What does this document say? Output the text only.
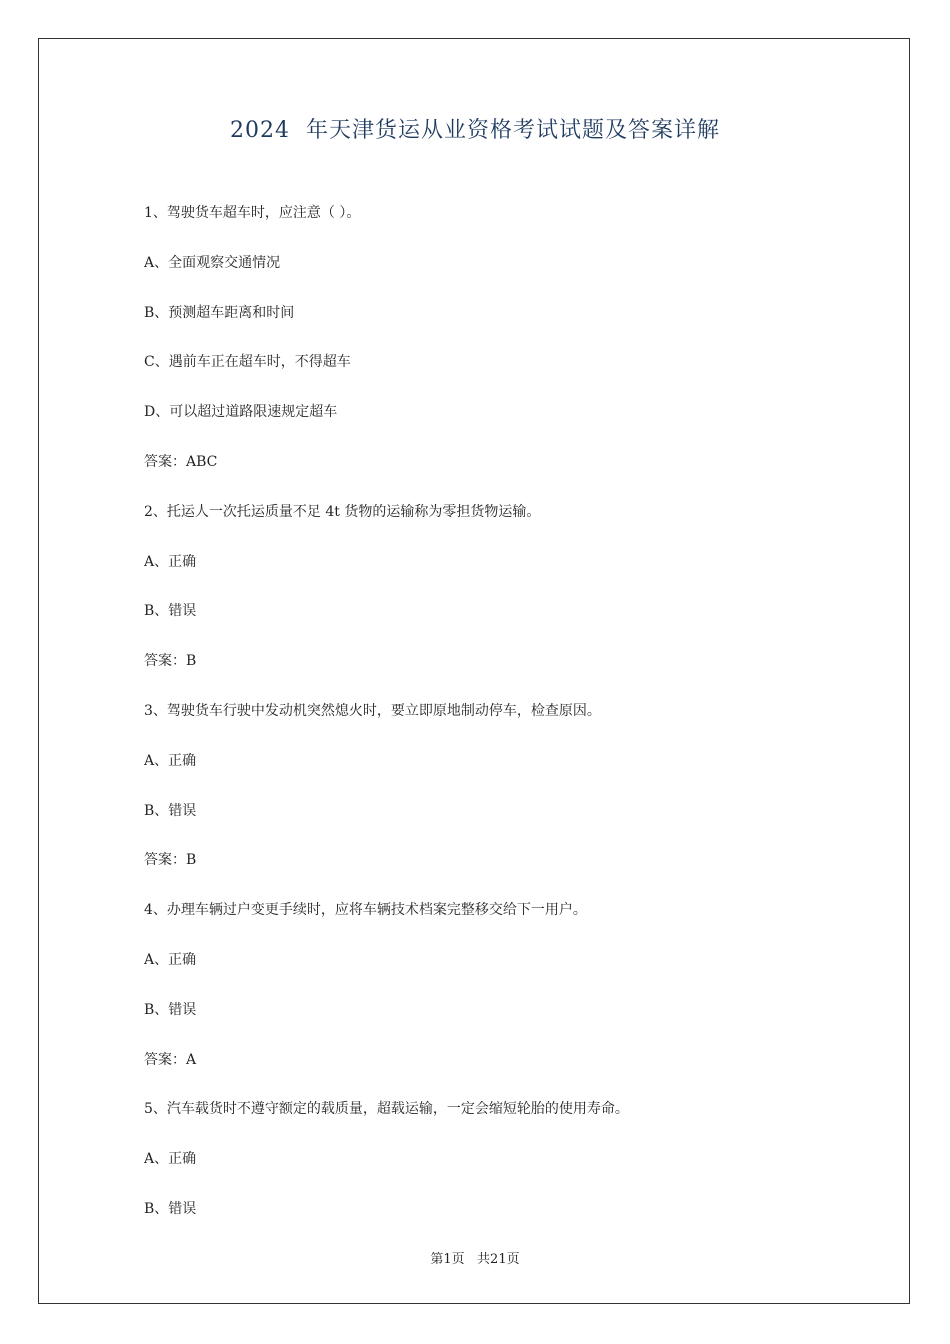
2024  年天津货运从业资格考试试题及答案详解
1、驾驶货车超车时，应注意（ ）。
A、全面观察交通情况
B、预测超车距离和时间
C、遇前车正在超车时，不得超车
D、可以超过道路限速规定超车
答案：ABC
2、托运人一次托运质量不足 4t 货物的运输称为零担货物运输。
A、正确
B、错误
答案：B
3、驾驶货车行驶中发动机突然熄火时，要立即原地制动停车，检查原因。
A、正确
B、错误
答案：B
4、办理车辆过户变更手续时，应将车辆技术档案完整移交给下一用户。
A、正确
B、错误
答案：A
5、汽车载货时不遵守额定的载质量，超载运输，一定会缩短轮胎的使用寿命。
A、正确
B、错误
第1页   共21页
